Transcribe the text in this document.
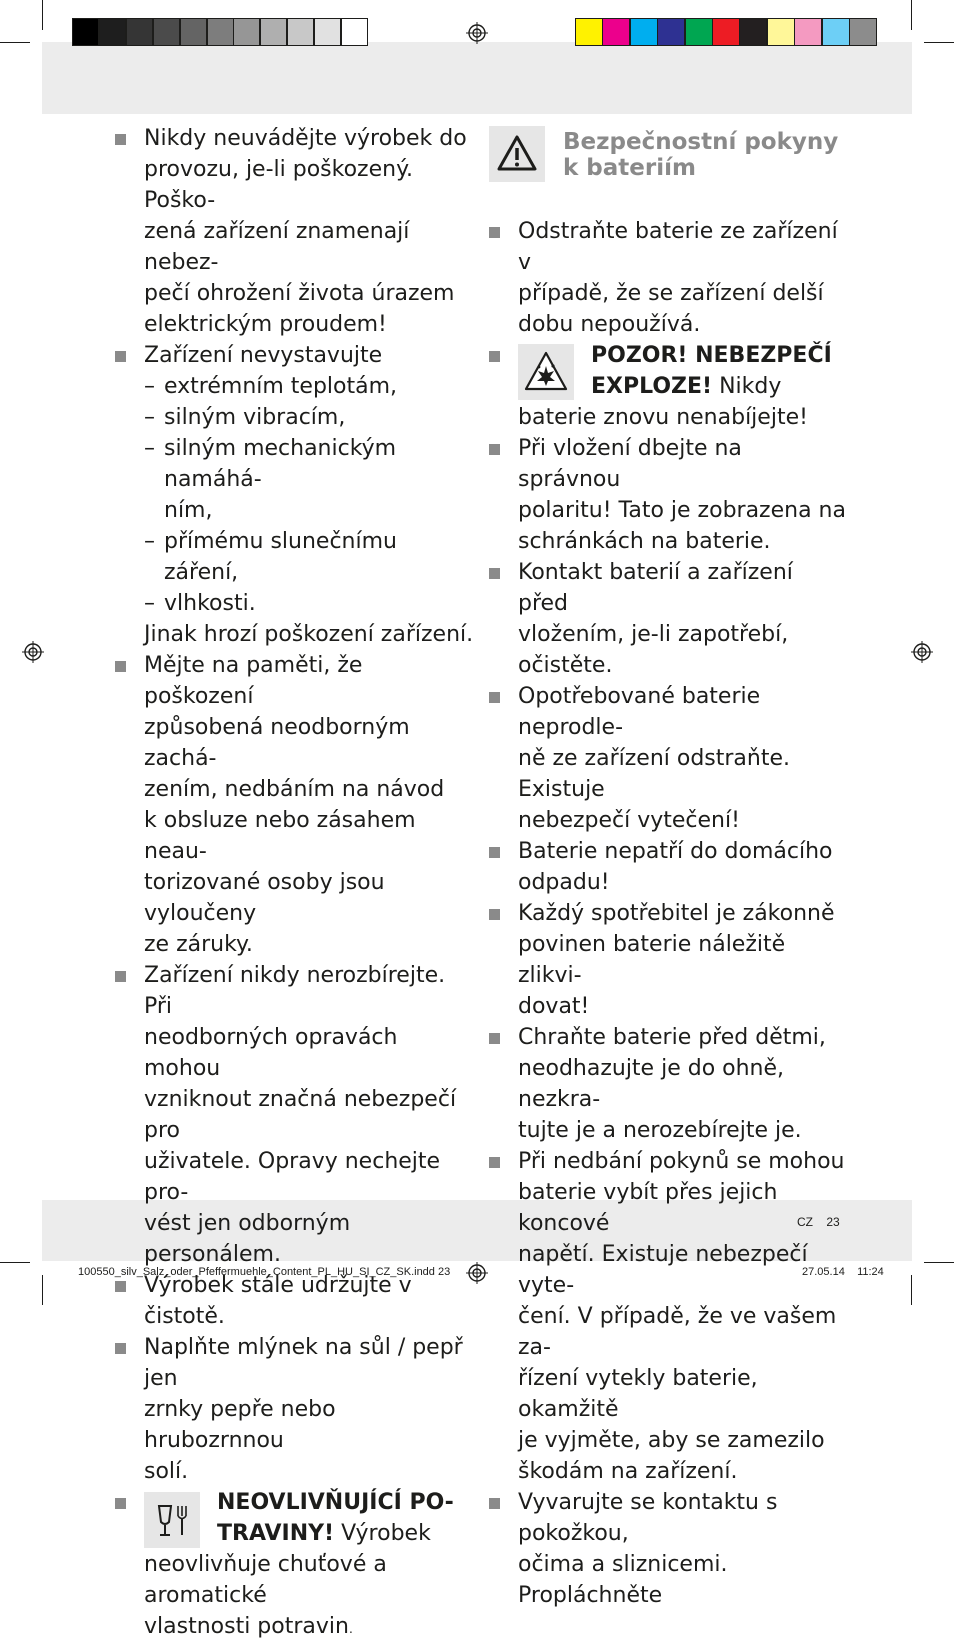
Nikdy neuvádějte výrobek do
provozu, je-li poškozený. Poško-
zená zařízení znamenají nebez-
pečí ohrožení života úrazem
elektrickým proudem!
Zařízení nevystavujte
– extrémním teplotám,
– silným vibracím,
– silným mechanickým namáhá-
ním,
– přímému slunečnímu záření,
– vlhkosti.
Jinak hrozí poškození zařízení.
Mějte na paměti, že poškození
způsobená neodborným zachá-
zením, nedbáním na návod
k obsluze nebo zásahem neau-
torizované osoby jsou vyloučeny
ze záruky.
Zařízení nikdy nerozbírejte. Při
neodborných opravách mohou
vzniknout značná nebezpečí pro
uživatele. Opravy nechejte pro-
vést jen odborným personálem.
Výrobek stále udržujte v čistotě.
Naplňte mlýnek na sůl / pepř jen
zrnky pepře nebo hrubozrnnou
solí.
NEOVLIVŇUJÍCÍ PO-
TRAVINY! Výrobek
neovlivňuje chuťové a aromatické
vlastnosti potravin.
Bezpečnostní pokyny
k bateriím
Odstraňte baterie ze zařízení v
případě, že se zařízení delší
dobu nepoužívá.
POZOR! NEBEZPEČÍ
EXPLOZE! Nikdy
baterie znovu nenabíjejte!
Při vložení dbejte na správnou
polaritu! Tato je zobrazena na
schránkách na baterie.
Kontakt baterií a zařízení před
vložením, je-li zapotřebí, očistěte.
Opotřebované baterie neprodle-
ně ze zařízení odstraňte. Existuje
nebezpečí vytečení!
Baterie nepatří do domácího
odpadu!
Každý spotřebitel je zákonně
povinen baterie náležitě zlikvi-
dovat!
Chraňte baterie před dětmi,
neodhazujte je do ohně, nezkra-
tujte je a nerozebírejte je.
Při nedbání pokynů se mohou
baterie vybít přes jejich koncové
napětí. Existuje nebezpečí vyte-
čení. V případě, že ve vašem za-
řízení vytekly baterie, okamžitě
je vyjměte, aby se zamezilo
škodám na zařízení.
Vyvarujte se kontaktu s pokožkou,
očima a sliznicemi. Propláchněte
CZ 23
100550_silv_Salz_oder_Pfeffermuehle_Content_PL_HU_SI_CZ_SK.indd 23	27.05.14 11:24
